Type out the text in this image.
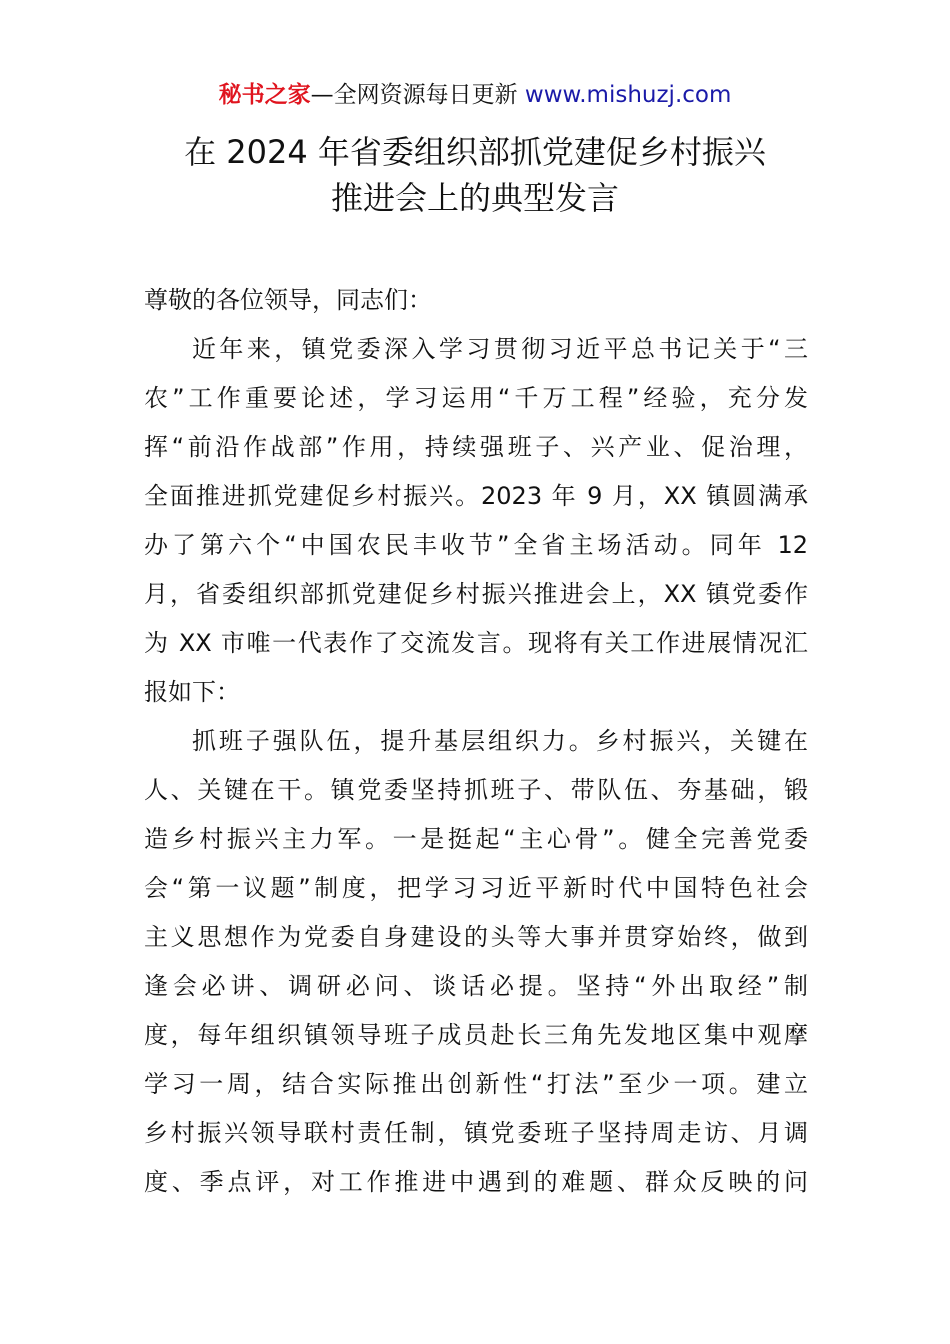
秘书之家—全网资源每日更新 www.mishuzj.com
在 2024 年省委组织部抓党建促乡村振兴
推进会上的典型发言
尊敬的各位领导，同志们：
近年来，镇党委深入学习贯彻习近平总书记关于“三
农”工作重要论述，学习运用“千万工程”经验，充分发
挥“前沿作战部”作用，持续强班子、兴产业、促治理，
全面推进抓党建促乡村振兴。2023 年 9 月，XX 镇圆满承
办了第六个“中国农民丰收节”全省主场活动。同年 12
月，省委组织部抓党建促乡村振兴推进会上，XX 镇党委作
为 XX 市唯一代表作了交流发言。现将有关工作进展情况汇
报如下：
抓班子强队伍，提升基层组织力。乡村振兴，关键在
人、关键在干。镇党委坚持抓班子、带队伍、夯基础，锻
造乡村振兴主力军。一是挺起“主心骨”。健全完善党委
会“第一议题”制度，把学习习近平新时代中国特色社会
主义思想作为党委自身建设的头等大事并贯穿始终，做到
逢会必讲、调研必问、谈话必提。坚持“外出取经”制
度，每年组织镇领导班子成员赴长三角先发地区集中观摩
学习一周，结合实际推出创新性“打法”至少一项。建立
乡村振兴领导联村责任制，镇党委班子坚持周走访、月调
度、季点评，对工作推进中遇到的难题、群众反映的问
